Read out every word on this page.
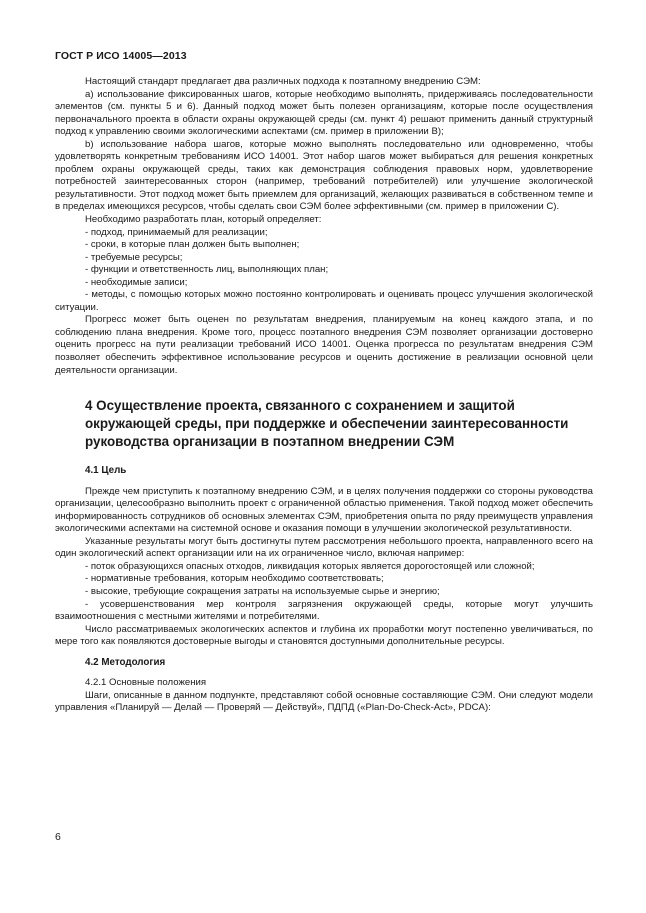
ГОСТ Р ИСО 14005—2013

Настоящий стандарт предлагает два различных подхода к поэтапному внедрению СЭМ:

а) использование фиксированных шагов, которые необходимо выполнять, придерживаясь последовательности элементов (см. пункты 5 и 6). Данный подход может быть полезен организациям, которые после осуществления первоначального проекта в области охраны окружающей среды (см. пункт 4) решают применить данный структурный подход к управлению своими экологическими аспектами (см. пример в приложении В);

b) использование набора шагов, которые можно выполнять последовательно или одновременно, чтобы удовлетворять конкретным требованиям ИСО 14001. Этот набор шагов может выбираться для решения конкретных проблем охраны окружающей среды, таких как демонстрация соблюдения правовых норм, удовлетворение потребностей заинтересованных сторон (например, требований потребителей) или улучшение экологической результативности. Этот подход может быть приемлем для организаций, желающих развиваться в собственном темпе и в пределах имеющихся ресурсов, чтобы сделать свои СЭМ более эффективными (см. пример в приложении С).

Необходимо разработать план, который определяет:

- подход, принимаемый для реализации;

- сроки, в которые план должен быть выполнен;

- требуемые ресурсы;

- функции и ответственность лиц, выполняющих план;

- необходимые записи;

- методы, с помощью которых можно постоянно контролировать и оценивать процесс улучшения экологической ситуации.

Прогресс может быть оценен по результатам внедрения, планируемым на конец каждого этапа, и по соблюдению плана внедрения. Кроме того, процесс поэтапного внедрения СЭМ позволяет организации достоверно оценить прогресс на пути реализации требований ИСО 14001. Оценка прогресса по результатам внедрения СЭМ позволяет обеспечить эффективное использование ресурсов и оценить достижение в реализации основной цели деятельности организации.

4 Осуществление проекта, связанного с сохранением и защитой окружающей среды, при поддержке и обеспечении заинтересованности руководства организации в поэтапном внедрении СЭМ
4.1 Цель

Прежде чем приступить к поэтапному внедрению СЭМ, и в целях получения поддержки со стороны руководства организации, целесообразно выполнить проект с ограниченной областью применения. Такой подход может обеспечить информированность сотрудников об основных элементах СЭМ, приобретения опыта по ряду преимуществ управления экологическими аспектами на системной основе и оказания помощи в улучшении экологической результативности.

Указанные результаты могут быть достигнуты путем рассмотрения небольшого проекта, направленного всего на один экологический аспект организации или на их ограниченное число, включая например:

- поток образующихся опасных отходов, ликвидация которых является дорогостоящей или сложной;

- нормативные требования, которым необходимо соответствовать;

- высокие, требующие сокращения затраты на используемые сырье и энергию;

- усовершенствования мер контроля загрязнения окружающей среды, которые могут улучшить взаимоотношения с местными жителями и потребителями.

Число рассматриваемых экологических аспектов и глубина их проработки могут постепенно увеличиваться, по мере того как появляются достоверные выгоды и становятся доступными дополнительные ресурсы.

4.2 Методология

4.2.1 Основные положения

Шаги, описанные в данном подпункте, представляют собой основные составляющие СЭМ. Они следуют модели управления «Планируй — Делай — Проверяй — Действуй», ПДПД («Plan-Do-Check-Act», PDCA):

6
